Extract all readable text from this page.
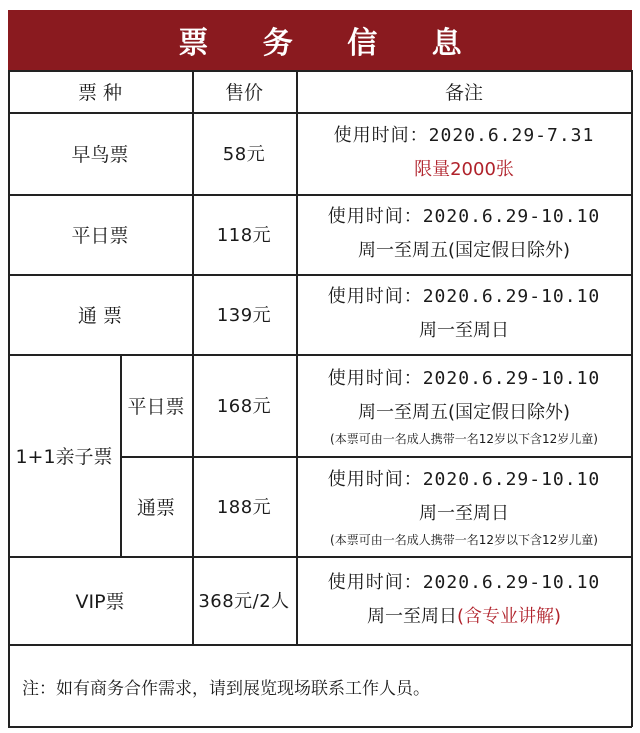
票 务 信 息
票 种	售价	备注
早鸟票	58元
使用时间：2020.6.29-7.31
限量2000张
平日票	118元
使用时间：2020.6.29-10.10
周一至周五(国定假日除外)
通 票	139元
使用时间：2020.6.29-10.10
周一至周日
1+1亲子票
平日票	168元
使用时间：2020.6.29-10.10
周一至周五(国定假日除外)
(本票可由一名成人携带一名12岁以下含12岁儿童)
通票	188元
使用时间：2020.6.29-10.10
周一至周日
(本票可由一名成人携带一名12岁以下含12岁儿童)
VIP票	368元/2人
使用时间：2020.6.29-10.10
周一至周日(含专业讲解)
注：如有商务合作需求，请到展览现场联系工作人员。
